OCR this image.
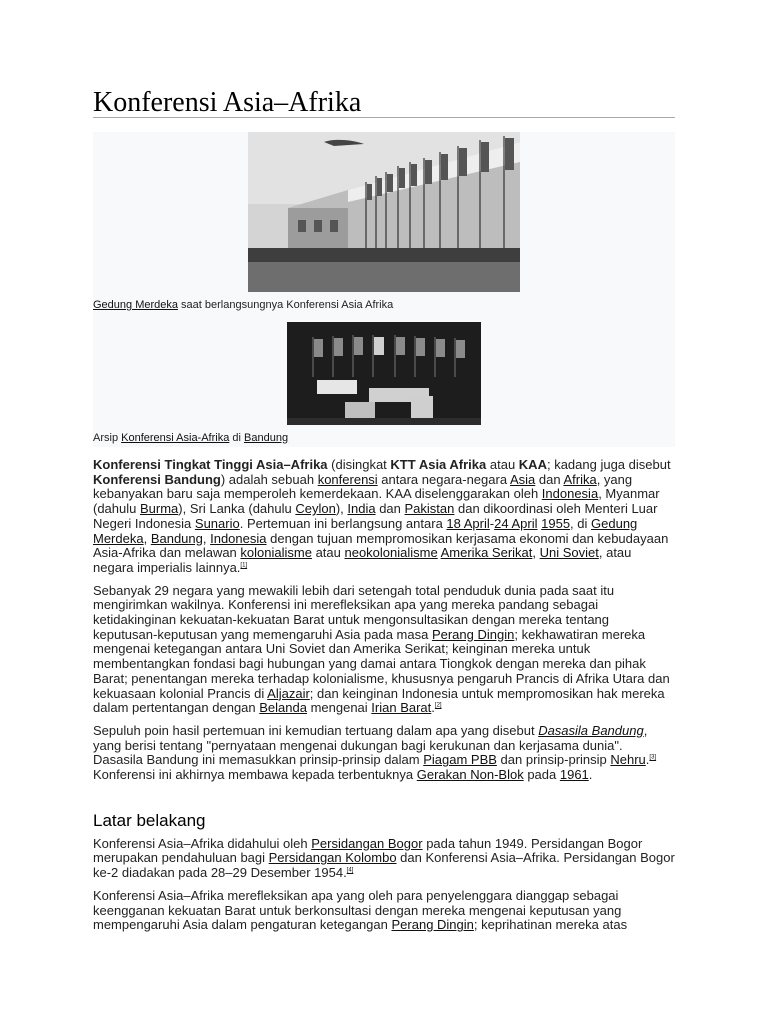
Konferensi Asia–Afrika
Gedung Merdeka saat berlangsungnya Konferensi Asia Afrika
Arsip Konferensi Asia-Afrika di Bandung

Konferensi Tingkat Tinggi Asia–Afrika (disingkat KTT Asia Afrika atau KAA; kadang juga disebut Konferensi Bandung) adalah sebuah konferensi antara negara-negara Asia dan Afrika, yang kebanyakan baru saja memperoleh kemerdekaan. KAA diselenggarakan oleh Indonesia, Myanmar (dahulu Burma), Sri Lanka (dahulu Ceylon), India dan Pakistan dan dikoordinasi oleh Menteri Luar Negeri Indonesia Sunario. Pertemuan ini berlangsung antara 18 April-24 April 1955, di Gedung Merdeka, Bandung, Indonesia dengan tujuan mempromosikan kerjasama ekonomi dan kebudayaan Asia-Afrika dan melawan kolonialisme atau neokolonialisme Amerika Serikat, Uni Soviet, atau negara imperialis lainnya.[1]

Sebanyak 29 negara yang mewakili lebih dari setengah total penduduk dunia pada saat itu mengirimkan wakilnya. Konferensi ini merefleksikan apa yang mereka pandang sebagai ketidakinginan kekuatan-kekuatan Barat untuk mengonsultasikan dengan mereka tentang keputusan-keputusan yang memengaruhi Asia pada masa Perang Dingin; kekhawatiran mereka mengenai ketegangan antara Uni Soviet dan Amerika Serikat; keinginan mereka untuk membentangkan fondasi bagi hubungan yang damai antara Tiongkok dengan mereka dan pihak Barat; penentangan mereka terhadap kolonialisme, khususnya pengaruh Prancis di Afrika Utara dan kekuasaan kolonial Prancis di Aljazair; dan keinginan Indonesia untuk mempromosikan hak mereka dalam pertentangan dengan Belanda mengenai Irian Barat.[2]

Sepuluh poin hasil pertemuan ini kemudian tertuang dalam apa yang disebut Dasasila Bandung, yang berisi tentang "pernyataan mengenai dukungan bagi kerukunan dan kerjasama dunia". Dasasila Bandung ini memasukkan prinsip-prinsip dalam Piagam PBB dan prinsip-prinsip Nehru.[3] Konferensi ini akhirnya membawa kepada terbentuknya Gerakan Non-Blok pada 1961.

Latar belakang

Konferensi Asia–Afrika didahului oleh Persidangan Bogor pada tahun 1949. Persidangan Bogor merupakan pendahuluan bagi Persidangan Kolombo dan Konferensi Asia–Afrika. Persidangan Bogor ke-2 diadakan pada 28–29 Desember 1954.[4]

Konferensi Asia–Afrika merefleksikan apa yang oleh para penyelenggara dianggap sebagai keengganan kekuatan Barat untuk berkonsultasi dengan mereka mengenai keputusan yang mempengaruhi Asia dalam pengaturan ketegangan Perang Dingin; keprihatinan mereka atas
